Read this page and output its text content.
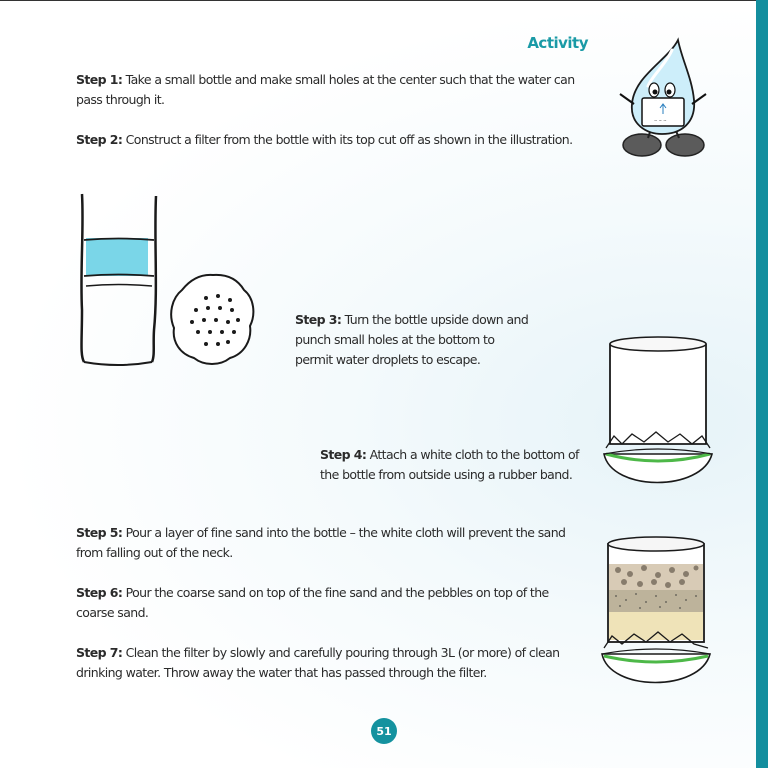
Activity
~ ~ ~
Step 1: Take a small bottle and make small holes at the center such that the water can pass through it.
Step 2: Construct a filter from the bottle with its top cut off as shown in the illustration.
Step 3: Turn the bottle upside down and punch small holes at the bottom to permit water droplets to escape.
Step 4: Attach a white cloth to the bottom of the bottle from outside using a rubber band.
Step 5: Pour a layer of fine sand into the bottle – the white cloth will prevent the sand from falling out of the neck.
Step 6: Pour the coarse sand on top of the fine sand and the pebbles on top of the coarse sand.
Step 7: Clean the filter by slowly and carefully pouring through 3L (or more) of clean drinking water. Throw away the water that has passed through the filter.
51
